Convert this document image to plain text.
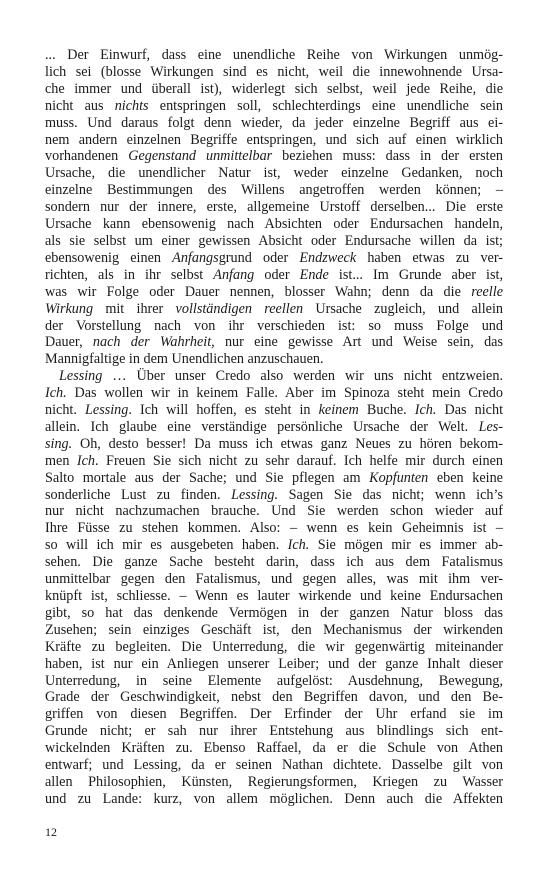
... Der Einwurf, dass eine unendliche Reihe von Wirkungen unmög-
lich sei (blosse Wirkungen sind es nicht, weil die innewohnende Ursa-
che immer und überall ist), widerlegt sich selbst, weil jede Reihe, die
nicht aus nichts entspringen soll, schlechterdings eine unendliche sein
muss. Und daraus folgt denn wieder, da jeder einzelne Begriff aus ei-
nem andern einzelnen Begriffe entspringen, und sich auf einen wirklich
vorhandenen Gegenstand unmittelbar beziehen muss: dass in der ersten
Ursache, die unendlicher Natur ist, weder einzelne Gedanken, noch
einzelne Bestimmungen des Willens angetroffen werden können; –
sondern nur der innere, erste, allgemeine Urstoff derselben... Die erste
Ursache kann ebensowenig nach Absichten oder Endursachen handeln,
als sie selbst um einer gewissen Absicht oder Endursache willen da ist;
ebensowenig einen Anfangsgrund oder Endzweck haben etwas zu ver-
richten, als in ihr selbst Anfang oder Ende ist... Im Grunde aber ist,
was wir Folge oder Dauer nennen, blosser Wahn; denn da die reelle
Wirkung mit ihrer vollständigen reellen Ursache zugleich, und allein
der Vorstellung nach von ihr verschieden ist: so muss Folge und
Dauer, nach der Wahrheit, nur eine gewisse Art und Weise sein, das
Mannigfaltige in dem Unendlichen anzuschauen.
Lessing … Über unser Credo also werden wir uns nicht entzweien.
Ich. Das wollen wir in keinem Falle. Aber im Spinoza steht mein Credo
nicht. Lessing. Ich will hoffen, es steht in keinem Buche. Ich. Das nicht
allein. Ich glaube eine verständige persönliche Ursache der Welt. Les-
sing. Oh, desto besser! Da muss ich etwas ganz Neues zu hören bekom-
men Ich. Freuen Sie sich nicht zu sehr darauf. Ich helfe mir durch einen
Salto mortale aus der Sache; und Sie pflegen am Kopfunten eben keine
sonderliche Lust zu finden. Lessing. Sagen Sie das nicht; wenn ich’s
nur nicht nachzumachen brauche. Und Sie werden schon wieder auf
Ihre Füsse zu stehen kommen. Also: – wenn es kein Geheimnis ist –
so will ich mir es ausgebeten haben. Ich. Sie mögen mir es immer ab-
sehen. Die ganze Sache besteht darin, dass ich aus dem Fatalismus
unmittelbar gegen den Fatalismus, und gegen alles, was mit ihm ver-
knüpft ist, schliesse. – Wenn es lauter wirkende und keine Endursachen
gibt, so hat das denkende Vermögen in der ganzen Natur bloss das
Zusehen; sein einziges Geschäft ist, den Mechanismus der wirkenden
Kräfte zu begleiten. Die Unterredung, die wir gegenwärtig miteinander
haben, ist nur ein Anliegen unserer Leiber; und der ganze Inhalt dieser
Unterredung, in seine Elemente aufgelöst: Ausdehnung, Bewegung,
Grade der Geschwindigkeit, nebst den Begriffen davon, und den Be-
griffen von diesen Begriffen. Der Erfinder der Uhr erfand sie im
Grunde nicht; er sah nur ihrer Entstehung aus blindlings sich ent-
wickelnden Kräften zu. Ebenso Raffael, da er die Schule von Athen
entwarf; und Lessing, da er seinen Nathan dichtete. Dasselbe gilt von
allen Philosophien, Künsten, Regierungsformen, Kriegen zu Wasser
und zu Lande: kurz, von allem möglichen. Denn auch die Affekten
12
